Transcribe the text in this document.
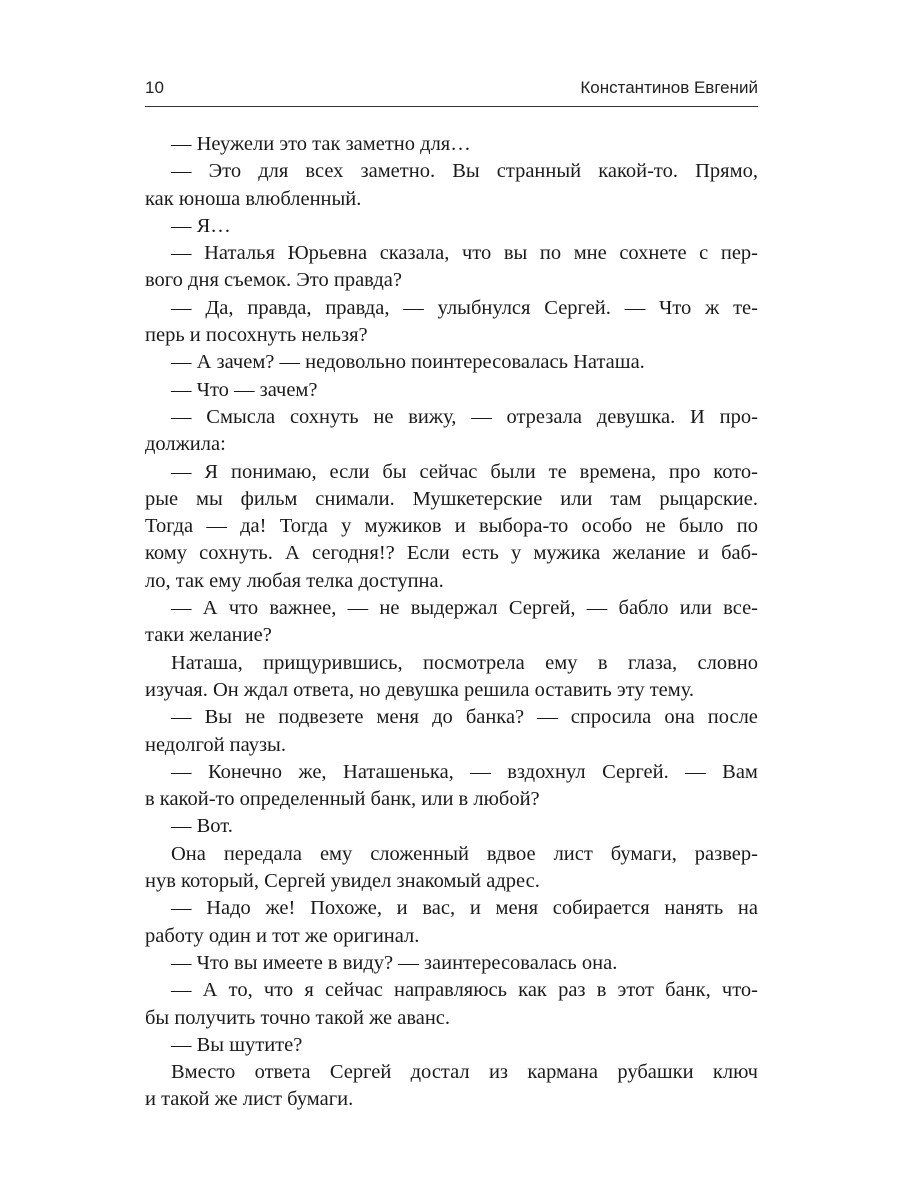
10	Константинов Евгений
— Неужели это так заметно для…
— Это для всех заметно. Вы странный какой-то. Прямо,
как юноша влюбленный.
— Я…
— Наталья Юрьевна сказала, что вы по мне сохнете с пер-
вого дня съемок. Это правда?
— Да, правда, правда, — улыбнулся Сергей. — Что ж те-
перь и посохнуть нельзя?
— А зачем? — недовольно поинтересовалась Наташа.
— Что — зачем?
— Смысла сохнуть не вижу, — отрезала девушка. И про-
должила:
— Я понимаю, если бы сейчас были те времена, про кото-
рые мы фильм снимали. Мушкетерские или там рыцарские.
Тогда — да! Тогда у мужиков и выбора-то особо не было по
кому сохнуть. А сегодня!? Если есть у мужика желание и баб-
ло, так ему любая телка доступна.
— А что важнее, — не выдержал Сергей, — бабло или все-
таки желание?
Наташа, прищурившись, посмотрела ему в глаза, словно
изучая. Он ждал ответа, но девушка решила оставить эту тему.
— Вы не подвезете меня до банка? — спросила она после
недолгой паузы.
— Конечно же, Наташенька, — вздохнул Сергей. — Вам
в какой-то определенный банк, или в любой?
— Вот.
Она передала ему сложенный вдвое лист бумаги, развер-
нув который, Сергей увидел знакомый адрес.
— Надо же! Похоже, и вас, и меня собирается нанять на
работу один и тот же оригинал.
— Что вы имеете в виду? — заинтересовалась она.
— А то, что я сейчас направляюсь как раз в этот банк, что-
бы получить точно такой же аванс.
— Вы шутите?
Вместо ответа Сергей достал из кармана рубашки ключ
и такой же лист бумаги.
